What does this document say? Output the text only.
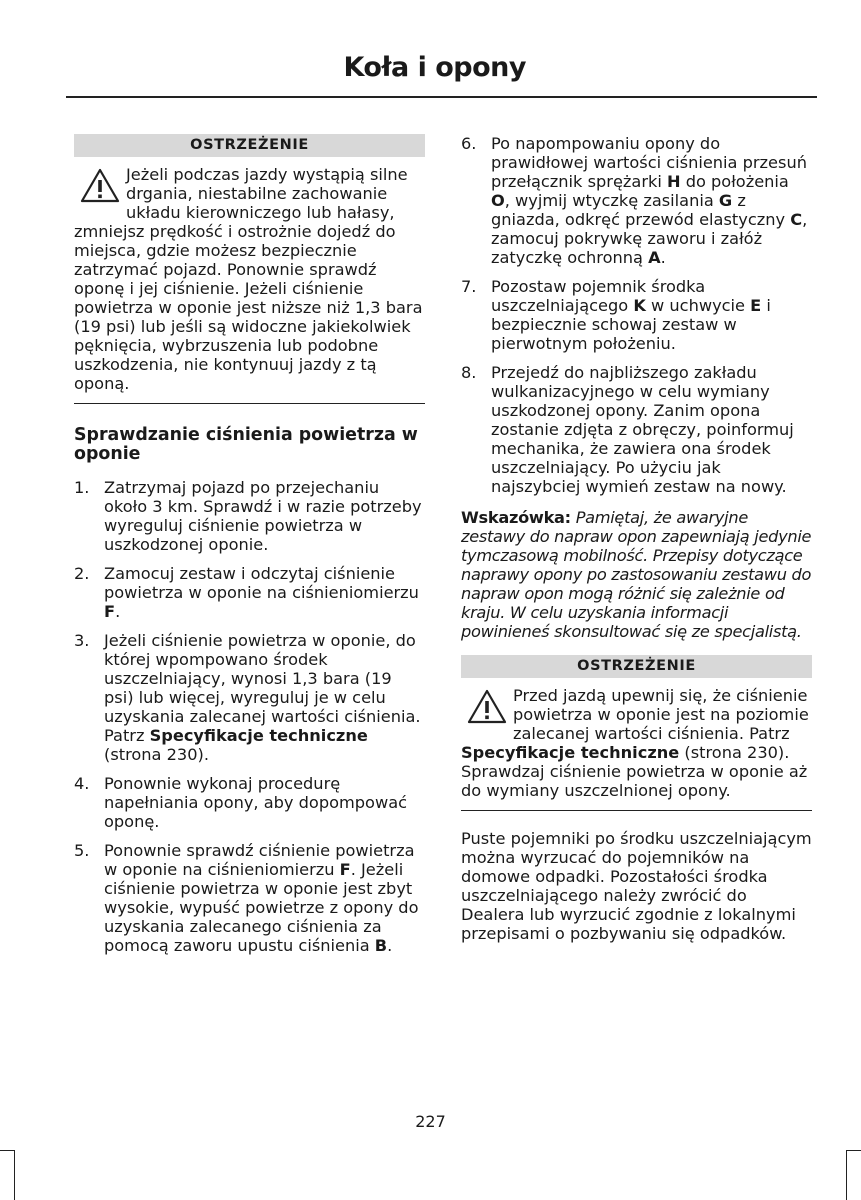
Koła i opony
OSTRZEŻENIE
Jeżeli podczas jazdy wystąpią silne drgania, niestabilne zachowanie układu kierowniczego lub hałasy, zmniejsz prędkość i ostrożnie dojedź do miejsca, gdzie możesz bezpiecznie zatrzymać pojazd. Ponownie sprawdź oponę i jej ciśnienie. Jeżeli ciśnienie powietrza w oponie jest niższe niż 1,3 bara (19 psi) lub jeśli są widoczne jakiekolwiek pęknięcia, wybrzuszenia lub podobne uszkodzenia, nie kontynuuj jazdy z tą oponą.
Sprawdzanie ciśnienia powietrza w oponie
1. Zatrzymaj pojazd po przejechaniu około 3 km. Sprawdź i w razie potrzeby wyreguluj ciśnienie powietrza w uszkodzonej oponie.
2. Zamocuj zestaw i odczytaj ciśnienie powietrza w oponie na ciśnieniomierzu F.
3. Jeżeli ciśnienie powietrza w oponie, do której wpompowano środek uszczelniający, wynosi 1,3 bara (19 psi) lub więcej, wyreguluj je w celu uzyskania zalecanej wartości ciśnienia. Patrz Specyfikacje techniczne (strona 230).
4. Ponownie wykonaj procedurę napełniania opony, aby dopompować oponę.
5. Ponownie sprawdź ciśnienie powietrza w oponie na ciśnieniomierzu F. Jeżeli ciśnienie powietrza w oponie jest zbyt wysokie, wypuść powietrze z opony do uzyskania zalecanego ciśnienia za pomocą zaworu upustu ciśnienia B.
6. Po napompowaniu opony do prawidłowej wartości ciśnienia przesuń przełącznik sprężarki H do położenia O, wyjmij wtyczkę zasilania G z gniazda, odkręć przewód elastyczny C, zamocuj pokrywkę zaworu i załóż zatyczkę ochronną A.
7. Pozostaw pojemnik środka uszczelniającego K w uchwycie E i bezpiecznie schowaj zestaw w pierwotnym położeniu.
8. Przejedź do najbliższego zakładu wulkanizacyjnego w celu wymiany uszkodzonej opony. Zanim opona zostanie zdjęta z obręczy, poinformuj mechanika, że zawiera ona środek uszczelniający. Po użyciu jak najszybciej wymień zestaw na nowy.
Wskazówka: Pamiętaj, że awaryjne zestawy do napraw opon zapewniają jedynie tymczasową mobilność. Przepisy dotyczące naprawy opony po zastosowaniu zestawu do napraw opon mogą różnić się zależnie od kraju. W celu uzyskania informacji powinieneś skonsultować się ze specjalistą.
OSTRZEŻENIE
Przed jazdą upewnij się, że ciśnienie powietrza w oponie jest na poziomie zalecanej wartości ciśnienia. Patrz Specyfikacje techniczne (strona 230). Sprawdzaj ciśnienie powietrza w oponie aż do wymiany uszczelnionej opony.
Puste pojemniki po środku uszczelniającym można wyrzucać do pojemników na domowe odpadki. Pozostałości środka uszczelniającego należy zwrócić do Dealera lub wyrzucić zgodnie z lokalnymi przepisami o pozbywaniu się odpadków.
227
